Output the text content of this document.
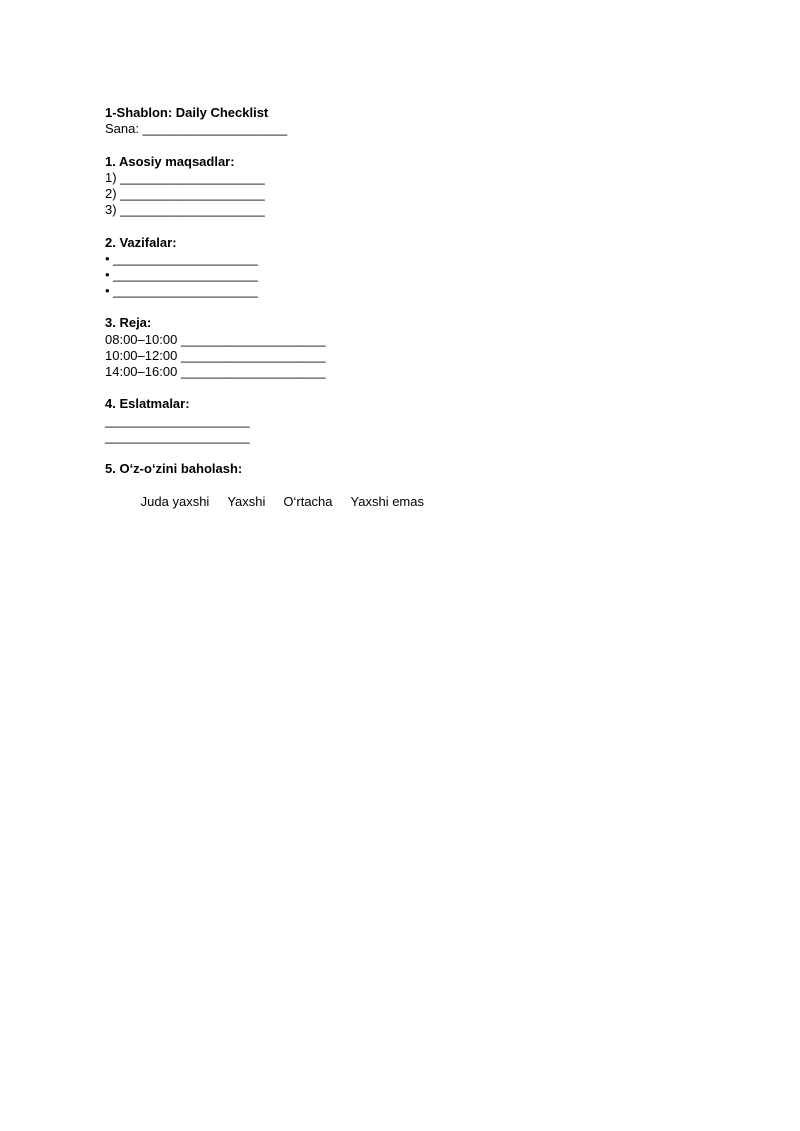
1-Shablon: Daily Checklist
Sana: ____________________
1. Asosiy maqsadlar:
1) ____________________
2) ____________________
3) ____________________
2. Vazifalar:
• ____________________
• ____________________
• ____________________
3. Reja:
08:00–10:00 ____________________
10:00–12:00 ____________________
14:00–16:00 ____________________
4. Eslatmalar:
____________________
____________________
5. O‘z-o‘zini baholash:

Juda yaxshi Yaxshi O‘rtacha Yaxshi emas
